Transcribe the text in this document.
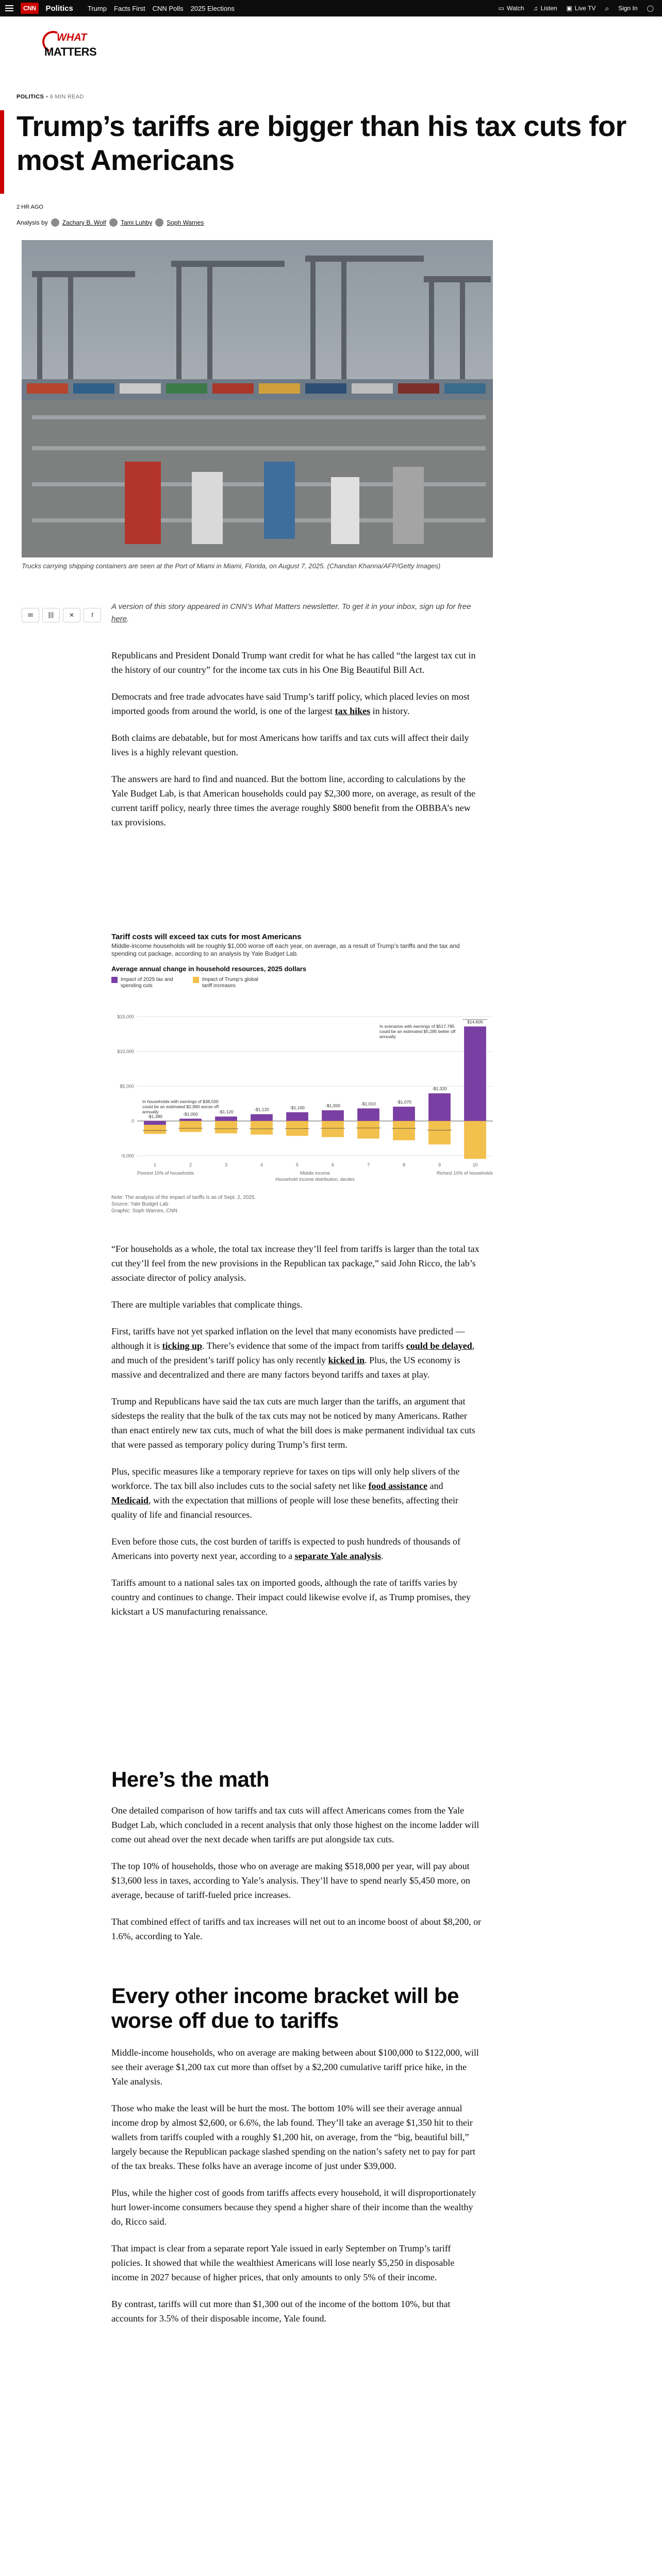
CNN	Politics Trump Facts First CNN Polls 2025 Elections	▭ Watch ♫ Listen ▣ Live TV ⌕ Sign In ◯
WHAT
MATTERS
POLITICS • 6 MIN READ
Trump’s tariffs are bigger than his tax cuts for most Americans
2 HR AGO
Analysis by Zachary B. Wolf Tami Luhby Soph Warnes
Trucks carrying shipping containers are seen at the Port of Miami in Miami, Florida, on August 7, 2025. (Chandan Khanna/AFP/Getty Images)
✉	⛓	✕	f
A version of this story appeared in CNN’s What Matters newsletter. To get it in your inbox, sign up for free here.

Republicans and President Donald Trump want credit for what he has called “the largest tax cut in the history of our country” for the income tax cuts in his One Big Beautiful Bill Act.

Democrats and free trade advocates have said Trump’s tariff policy, which placed levies on most imported goods from around the world, is one of the largest tax hikes in history.

Both claims are debatable, but for most Americans how tariffs and tax cuts will affect their daily lives is a highly relevant question.

The answers are hard to find and nuanced. But the bottom line, according to calculations by the Yale Budget Lab, is that American households could pay $2,300 more, on average, as result of the current tariff policy, nearly three times the average roughly $800 benefit from the OBBBA’s new tax provisions.

Tariff costs will exceed tax cuts for most Americans
Middle-income households will be roughly $1,000 worse off each year, on average, as a result of Trump’s tariffs and the tax and spending cut package, according to an analysis by Yale Budget Lab.
Average annual change in household resources, 2025 dollars
Impact of 2025 tax and spending cuts
Impact of Trump’s global tariff increases
$15,000
$10,000
$5,000
0
-5,000
-$1,380
1
-$1,050
2
-$1,120
3
-$1,120
4
-$1,100
5
-$1,050
6
-$1,010
7
-$1,070
8
-$1,320
9
$14,600
10
Poorest 10% of households	Middle income
Household income distribution, deciles
Richest 10% of households
In households with earnings of $38,500 could be an estimated $2,960 worse off annually
In scenarios with earnings of $517,785 could be an estimated $5,285 better off annually
Note: The analysis of the impact of tariffs is as of Sept. 2, 2025.
Source: Yale Budget Lab
Graphic: Soph Warnes, CNN

“For households as a whole, the total tax increase they’ll feel from tariffs is larger than the total tax cut they’ll feel from the new provisions in the Republican tax package,” said John Ricco, the lab’s associate director of policy analysis.

There are multiple variables that complicate things.

First, tariffs have not yet sparked inflation on the level that many economists have predicted — although it is ticking up. There’s evidence that some of the impact from tariffs could be delayed, and much of the president’s tariff policy has only recently kicked in. Plus, the US economy is massive and decentralized and there are many factors beyond tariffs and taxes at play.

Trump and Republicans have said the tax cuts are much larger than the tariffs, an argument that sidesteps the reality that the bulk of the tax cuts may not be noticed by many Americans. Rather than enact entirely new tax cuts, much of what the bill does is make permanent individual tax cuts that were passed as temporary policy during Trump’s first term.

Plus, specific measures like a temporary reprieve for taxes on tips will only help slivers of the workforce. The tax bill also includes cuts to the social safety net like food assistance and Medicaid, with the expectation that millions of people will lose these benefits, affecting their quality of life and financial resources.

Even before those cuts, the cost burden of tariffs is expected to push hundreds of thousands of Americans into poverty next year, according to a separate Yale analysis.

Tariffs amount to a national sales tax on imported goods, although the rate of tariffs varies by country and continues to change. Their impact could likewise evolve if, as Trump promises, they kickstart a US manufacturing renaissance.

Here’s the math

One detailed comparison of how tariffs and tax cuts will affect Americans comes from the Yale Budget Lab, which concluded in a recent analysis that only those highest on the income ladder will come out ahead over the next decade when tariffs are put alongside tax cuts.

The top 10% of households, those who on average are making $518,000 per year, will pay about $13,600 less in taxes, according to Yale’s analysis. They’ll have to spend nearly $5,450 more, on average, because of tariff-fueled price increases.

That combined effect of tariffs and tax increases will net out to an income boost of about $8,200, or 1.6%, according to Yale.

Every other income bracket will be worse off due to tariffs

Middle-income households, who on average are making between about $100,000 to $122,000, will see their average $1,200 tax cut more than offset by a $2,200 cumulative tariff price hike, in the Yale analysis.

Those who make the least will be hurt the most. The bottom 10% will see their average annual income drop by almost $2,600, or 6.6%, the lab found. They’ll take an average $1,350 hit to their wallets from tariffs coupled with a roughly $1,200 hit, on average, from the “big, beautiful bill,” largely because the Republican package slashed spending on the nation’s safety net to pay for part of the tax breaks. These folks have an average income of just under $39,000.

Plus, while the higher cost of goods from tariffs affects every household, it will disproportionately hurt lower-income consumers because they spend a higher share of their income than the wealthy do, Ricco said.

That impact is clear from a separate report Yale issued in early September on Trump’s tariff policies. It showed that while the wealthiest Americans will lose nearly $5,250 in disposable income in 2027 because of higher prices, that only amounts to only 5% of their income.

By contrast, tariffs will cut more than $1,300 out of the income of the bottom 10%, but that accounts for 3.5% of their disposable income, Yale found.
